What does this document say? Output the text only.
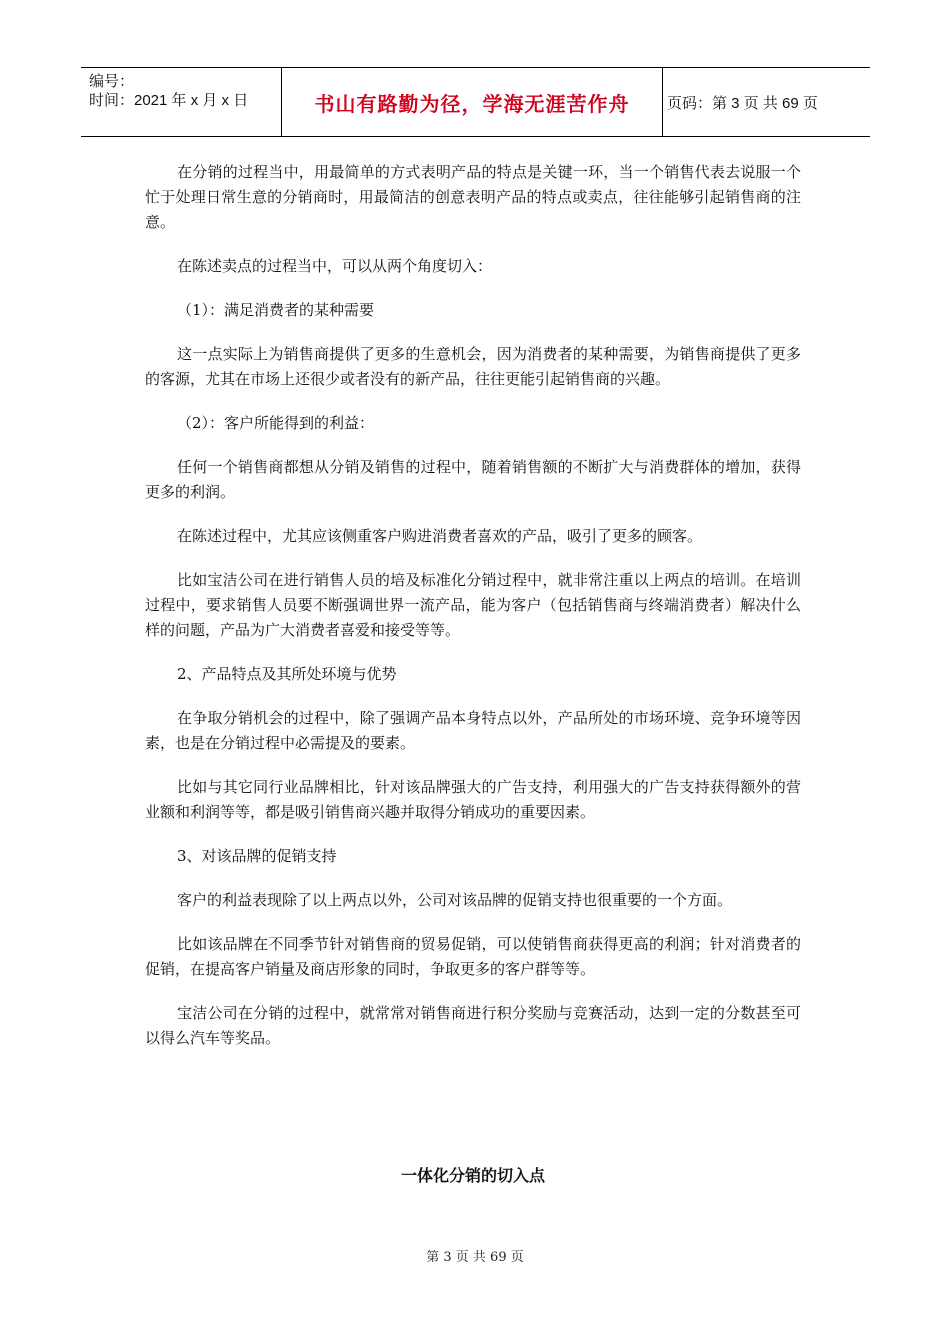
编号：
时间：2021 年 x 月 x 日	书山有路勤为径，学海无涯苦作舟	页码：第 3 页 共 69 页

在分销的过程当中，用最简单的方式表明产品的特点是关键一环，当一个销售代表去说服一个忙于处理日常生意的分销商时，用最简洁的创意表明产品的特点或卖点，往往能够引起销售商的注意。

在陈述卖点的过程当中，可以从两个角度切入：

（1）：满足消费者的某种需要

这一点实际上为销售商提供了更多的生意机会，因为消费者的某种需要，为销售商提供了更多的客源，尤其在市场上还很少或者没有的新产品，往往更能引起销售商的兴趣。

（2）：客户所能得到的利益：

任何一个销售商都想从分销及销售的过程中，随着销售额的不断扩大与消费群体的增加，获得更多的利润。

在陈述过程中，尤其应该侧重客户购进消费者喜欢的产品，吸引了更多的顾客。

比如宝洁公司在进行销售人员的培及标准化分销过程中，就非常注重以上两点的培训。在培训过程中，要求销售人员要不断强调世界一流产品，能为客户（包括销售商与终端消费者）解决什么样的问题，产品为广大消费者喜爱和接受等等。

2、产品特点及其所处环境与优势

在争取分销机会的过程中，除了强调产品本身特点以外，产品所处的市场环境、竞争环境等因素，也是在分销过程中必需提及的要素。

比如与其它同行业品牌相比，针对该品牌强大的广告支持，利用强大的广告支持获得额外的营业额和利润等等，都是吸引销售商兴趣并取得分销成功的重要因素。

3、对该品牌的促销支持

客户的利益表现除了以上两点以外，公司对该品牌的促销支持也很重要的一个方面。

比如该品牌在不同季节针对销售商的贸易促销，可以使销售商获得更高的利润；针对消费者的促销，在提高客户销量及商店形象的同时，争取更多的客户群等等。

宝洁公司在分销的过程中，就常常对销售商进行积分奖励与竞赛活动，达到一定的分数甚至可以得么汽车等奖品。

一体化分销的切入点
第 3 页 共 69 页
